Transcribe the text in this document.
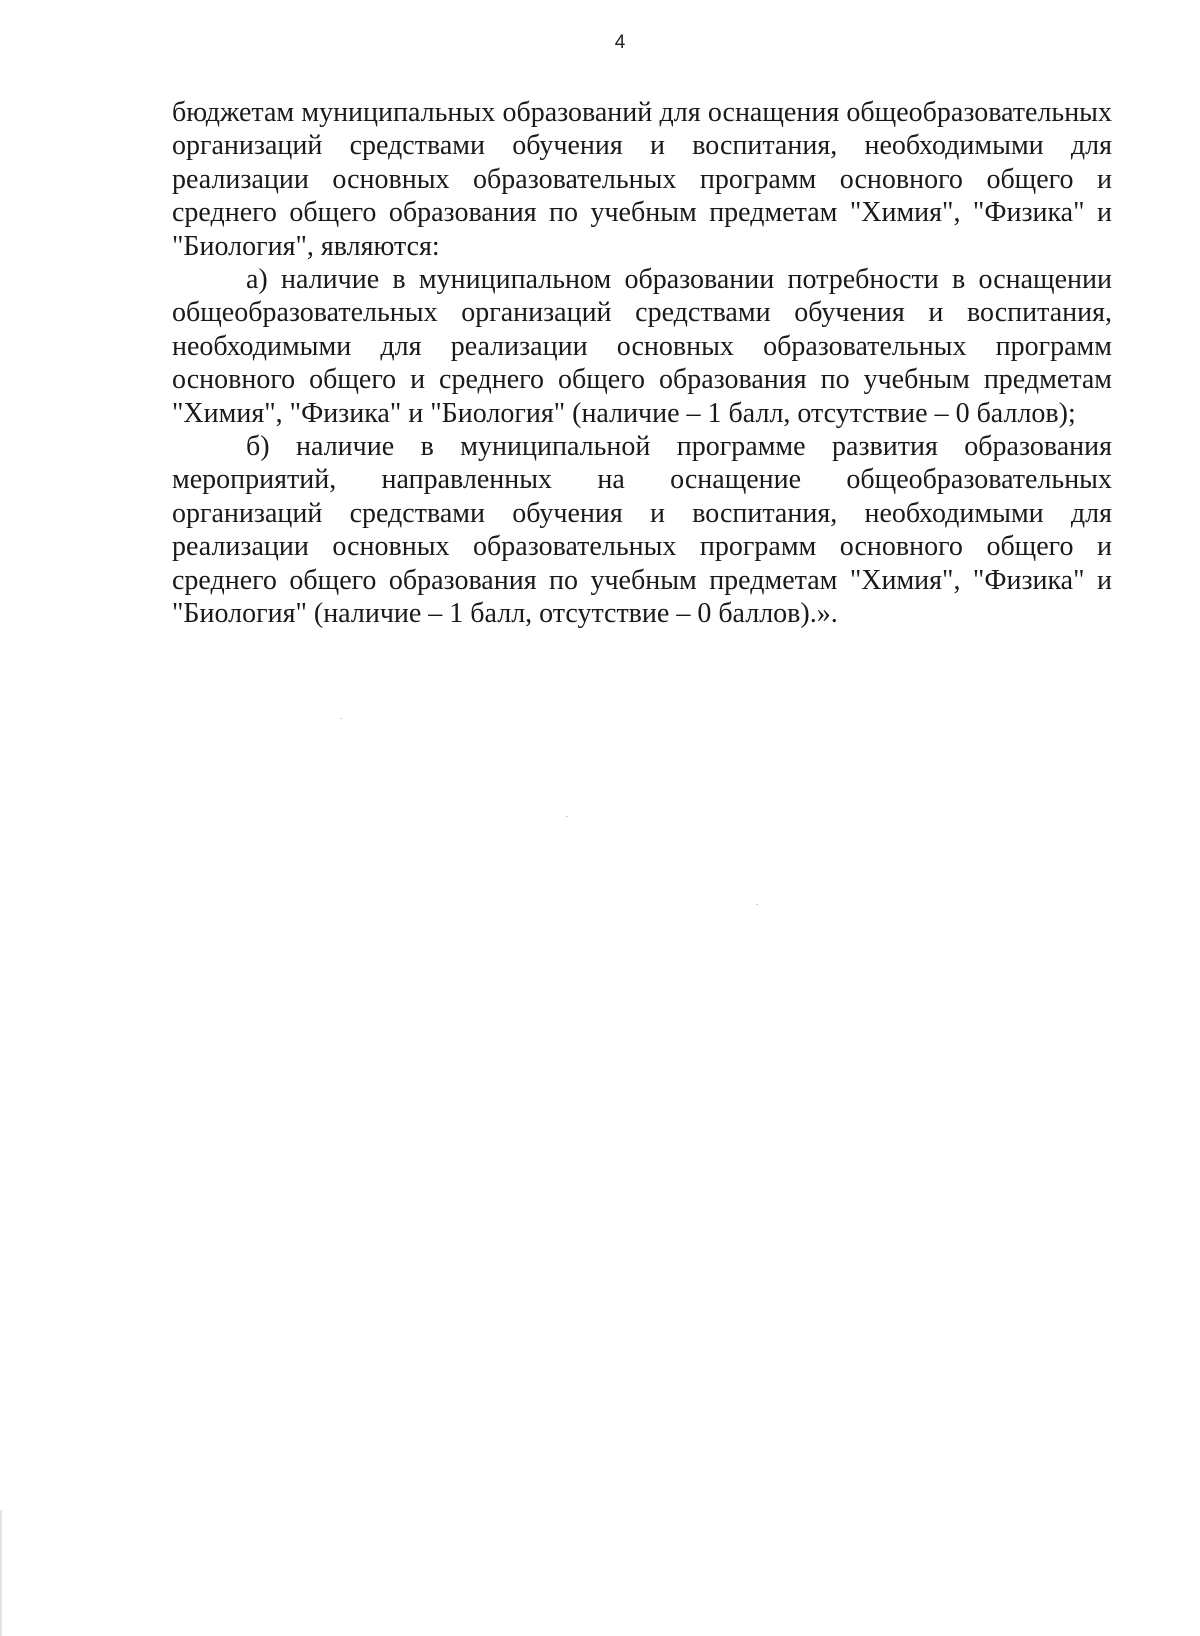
4

бюджетам муниципальных образований для оснащения общеобразовательных организаций средствами обучения и воспитания, необходимыми для реализации основных образовательных программ основного общего и среднего общего образования по учебным предметам "Химия", "Физика" и "Биология", являются:

а) наличие в муниципальном образовании потребности в оснащении общеобразовательных организаций средствами обучения и воспитания, необходимыми для реализации основных образовательных программ основного общего и среднего общего образования по учебным предметам "Химия", "Физика" и "Биология" (наличие – 1 балл, отсутствие – 0 баллов);

б) наличие в муниципальной программе развития образования мероприятий, направленных на оснащение общеобразовательных организаций средствами обучения и воспитания, необходимыми для реализации основных образовательных программ основного общего и среднего общего образования по учебным предметам "Химия", "Физика" и "Биология" (наличие – 1 балл, отсутствие – 0 баллов).».
